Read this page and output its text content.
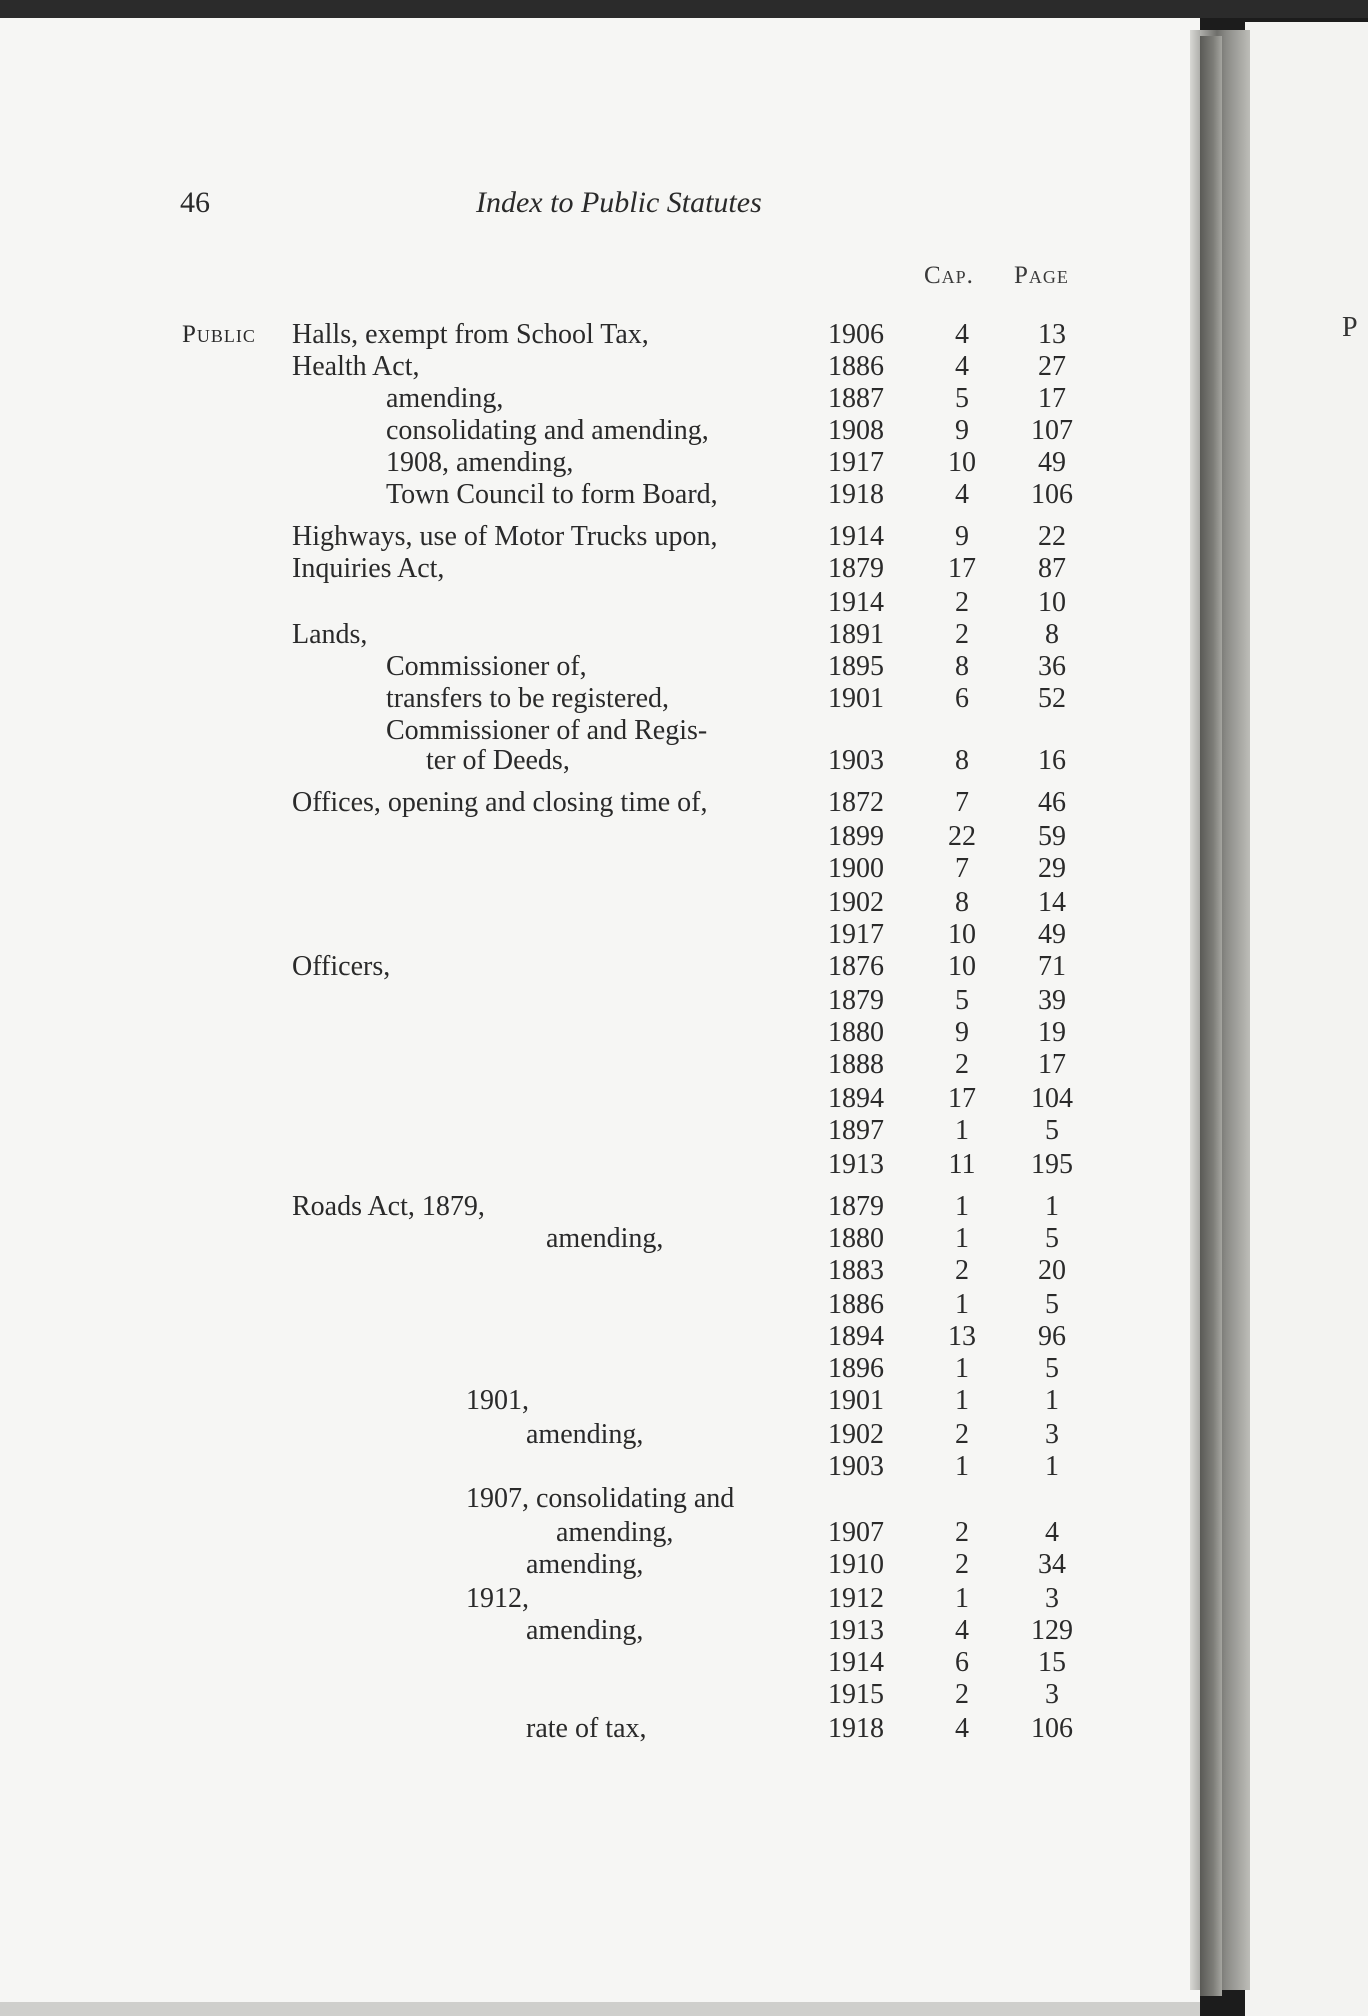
P
46	Index to Public Statutes
Cap. Page
Public Halls, exempt from School Tax,	1906	4	13
Health Act,	1886	4	27
amending,	1887	5	17
consolidating and amending,	1908	9	107
1908, amending,	1917	10	49
Town Council to form Board,	1918	4	106
Highways, use of Motor Trucks upon,	1914	9	22
Inquiries Act,	1879	17	87
1914	2	10
Lands,	1891	2	8
Commissioner of,	1895	8	36
transfers to be registered,	1901	6	52
Commissioner of and Regis-
ter of Deeds,	1903	8	16
Offices, opening and closing time of,	1872	7	46
1899	22	59
1900	7	29
1902	8	14
1917	10	49
Officers,	1876	10	71
1879	5	39
1880	9	19
1888	2	17
1894	17	104
1897	1	5
1913	11	195
Roads Act, 1879,	1879	1	1
amending,	1880	1	5
1883	2	20
1886	1	5
1894	13	96
1896	1	5
1901,	1901	1	1
amending,	1902	2	3
1903	1	1
1907, consolidating and
amending,	1907	2	4
amending,	1910	2	34
1912,	1912	1	3
amending,	1913	4	129
1914	6	15
1915	2	3
rate of tax,	1918	4	106
